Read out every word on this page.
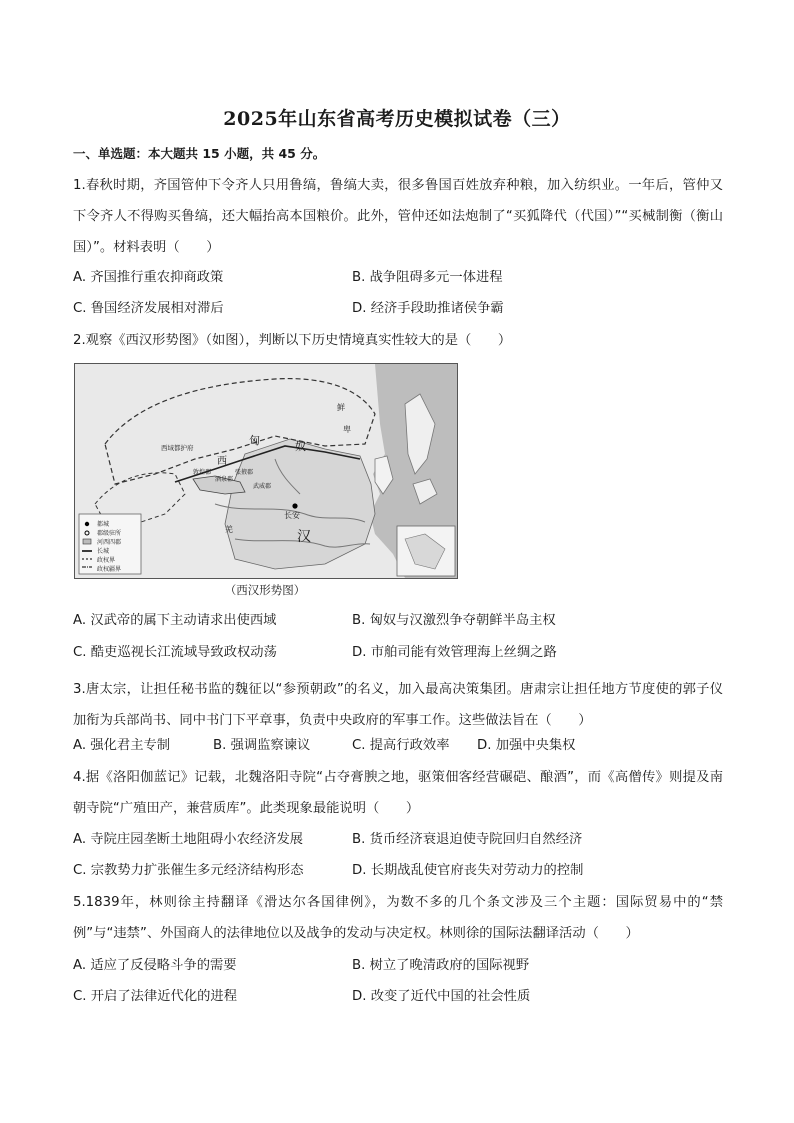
2025年山东省高考历史模拟试卷（三）
一、单选题：本大题共 15 小题，共 45 分。
1.春秋时期，齐国管仲下令齐人只用鲁缟，鲁缟大卖，很多鲁国百姓放弃种粮，加入纺织业。一年后，管仲又下令齐人不得购买鲁缟，还大幅抬高本国粮价。此外，管仲还如法炮制了“买狐降代（代国）”“买械制衡（衡山国）”。材料表明（　　）
A. 齐国推行重农抑商政策	B. 战争阻碍多元一体进程
C. 鲁国经济发展相对滞后	D. 经济手段助推诸侯争霸
2.观察《西汉形势图》（如图），判断以下历史情境真实性较大的是（　　）
匈	奴
西
西域都护府
敦煌郡
酒泉郡
张掖郡
武威郡
长安
汉
羌
鲜
卑
都城
郡级驻所
河西四郡
长城
政权界
政权疆界
（西汉形势图）
A. 汉武帝的属下主动请求出使西域	B. 匈奴与汉激烈争夺朝鲜半岛主权
C. 酷吏巡视长江流域导致政权动荡	D. 市舶司能有效管理海上丝绸之路
3.唐太宗，让担任秘书监的魏征以“参预朝政”的名义，加入最高决策集团。唐肃宗让担任地方节度使的郭子仪加衔为兵部尚书、同中书门下平章事，负责中央政府的军事工作。这些做法旨在（　　）
A. 强化君主专制	B. 强调监察谏议	C. 提高行政效率 D. 加强中央集权
4.据《洛阳伽蓝记》记载，北魏洛阳寺院“占夺膏腴之地，驱策佃客经营碾硙、酿酒”，而《高僧传》则提及南朝寺院“广殖田产，兼营质库”。此类现象最能说明（　　）
A. 寺院庄园垄断土地阻碍小农经济发展	B. 货币经济衰退迫使寺院回归自然经济
C. 宗教势力扩张催生多元经济结构形态	D. 长期战乱使官府丧失对劳动力的控制
5.1839年，林则徐主持翻译《滑达尔各国律例》，为数不多的几个条文涉及三个主题：国际贸易中的“禁例”与“违禁”、外国商人的法律地位以及战争的发动与决定权。林则徐的国际法翻译活动（　　）
A. 适应了反侵略斗争的需要	B. 树立了晚清政府的国际视野
C. 开启了法律近代化的进程	D. 改变了近代中国的社会性质
